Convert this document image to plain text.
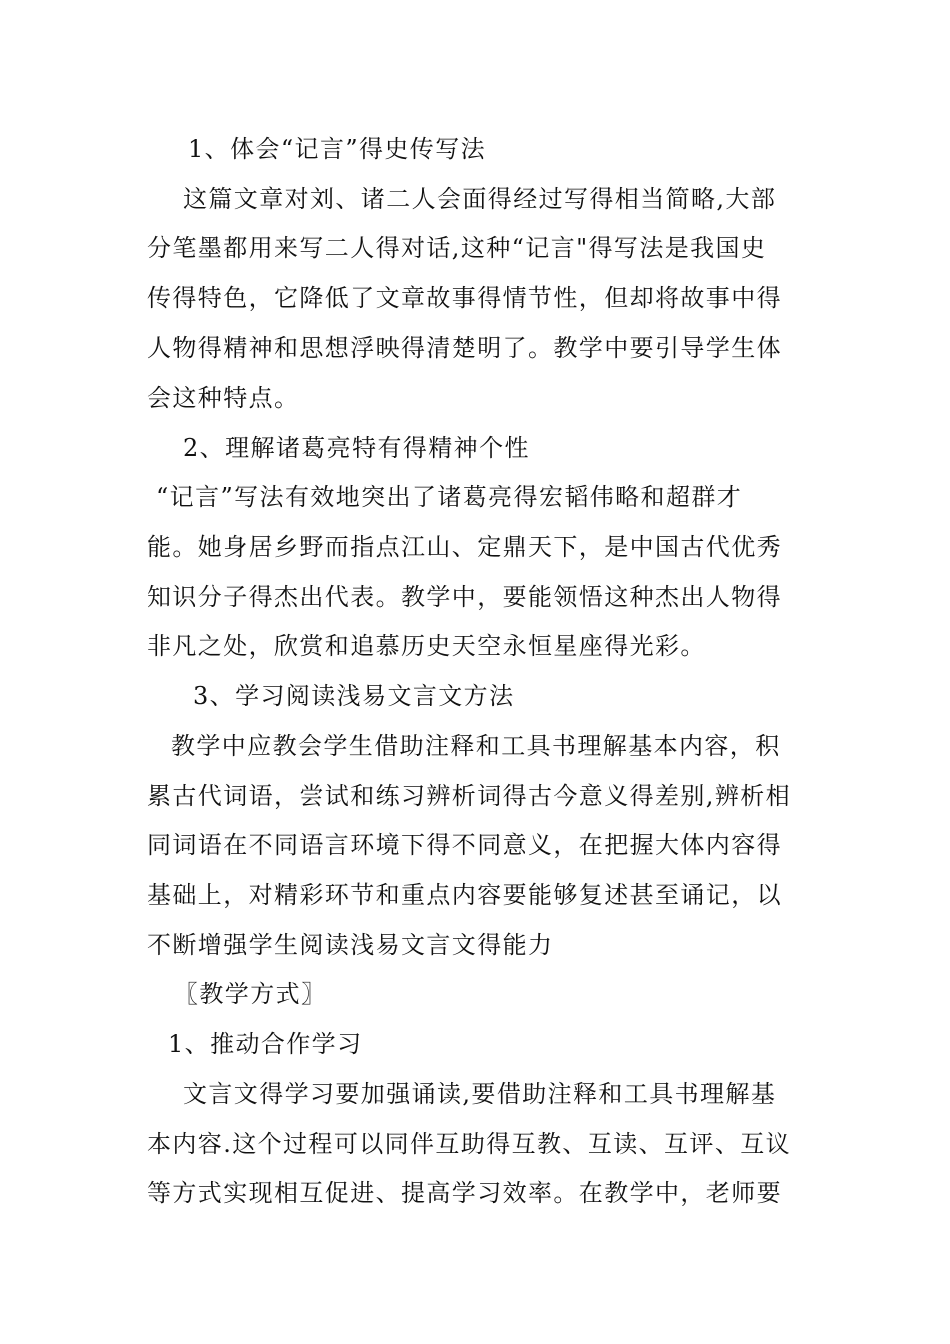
1、体会“记言”得史传写法
这篇文章对刘、诸二人会面得经过写得相当简略,大部
分笔墨都用来写二人得对话,这种“记言"得写法是我国史
传得特色，它降低了文章故事得情节性，但却将故事中得
人物得精神和思想浮映得清楚明了。教学中要引导学生体
会这种特点。
2、理解诸葛亮特有得精神个性
“记言”写法有效地突出了诸葛亮得宏韬伟略和超群才
能。她身居乡野而指点江山、定鼎天下，是中国古代优秀
知识分子得杰出代表。教学中，要能领悟这种杰出人物得
非凡之处，欣赏和追慕历史天空永恒星座得光彩。
3、学习阅读浅易文言文方法
教学中应教会学生借助注释和工具书理解基本内容，积
累古代词语，尝试和练习辨析词得古今意义得差别,辨析相
同词语在不同语言环境下得不同意义，在把握大体内容得
基础上，对精彩环节和重点内容要能够复述甚至诵记，以
不断增强学生阅读浅易文言文得能力
〖教学方式〗
1、推动合作学习
文言文得学习要加强诵读,要借助注释和工具书理解基
本内容.这个过程可以同伴互助得互教、互读、互评、互议
等方式实现相互促进、提高学习效率。在教学中，老师要
